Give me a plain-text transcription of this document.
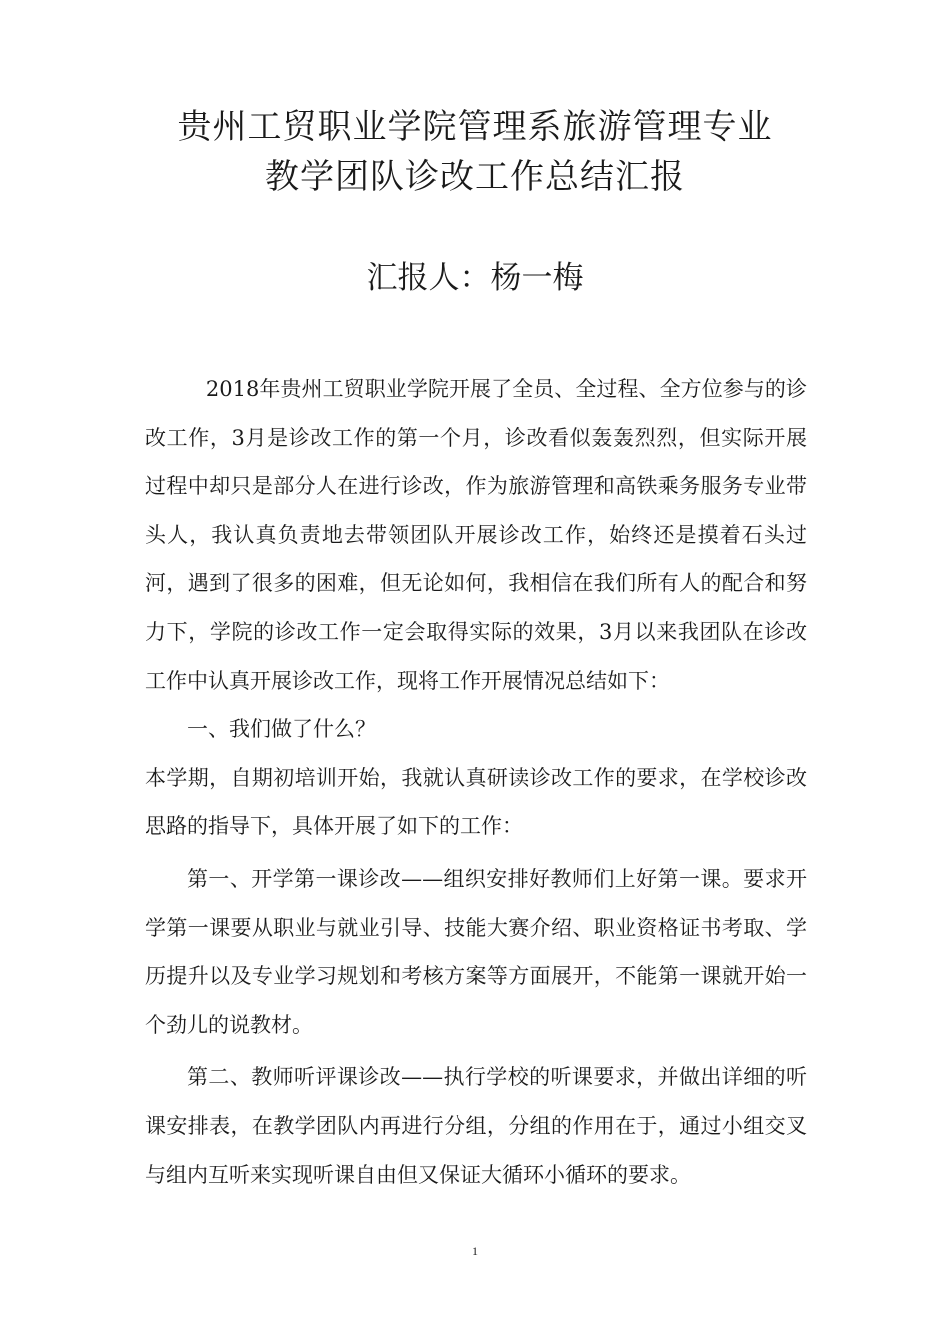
贵州工贸职业学院管理系旅游管理专业
教学团队诊改工作总结汇报
汇报人：杨一梅

2018年贵州工贸职业学院开展了全员、全过程、全方位参与的诊改工作，3月是诊改工作的第一个月，诊改看似轰轰烈烈，但实际开展过程中却只是部分人在进行诊改，作为旅游管理和高铁乘务服务专业带头人，我认真负责地去带领团队开展诊改工作，始终还是摸着石头过河，遇到了很多的困难，但无论如何，我相信在我们所有人的配合和努力下，学院的诊改工作一定会取得实际的效果，3月以来我团队在诊改工作中认真开展诊改工作，现将工作开展情况总结如下：

一、我们做了什么？

本学期，自期初培训开始，我就认真研读诊改工作的要求，在学校诊改思路的指导下，具体开展了如下的工作：

第一、开学第一课诊改——组织安排好教师们上好第一课。要求开学第一课要从职业与就业引导、技能大赛介绍、职业资格证书考取、学历提升以及专业学习规划和考核方案等方面展开，不能第一课就开始一个劲儿的说教材。

第二、教师听评课诊改——执行学校的听课要求，并做出详细的听课安排表，在教学团队内再进行分组，分组的作用在于，通过小组交叉与组内互听来实现听课自由但又保证大循环小循环的要求。

1
